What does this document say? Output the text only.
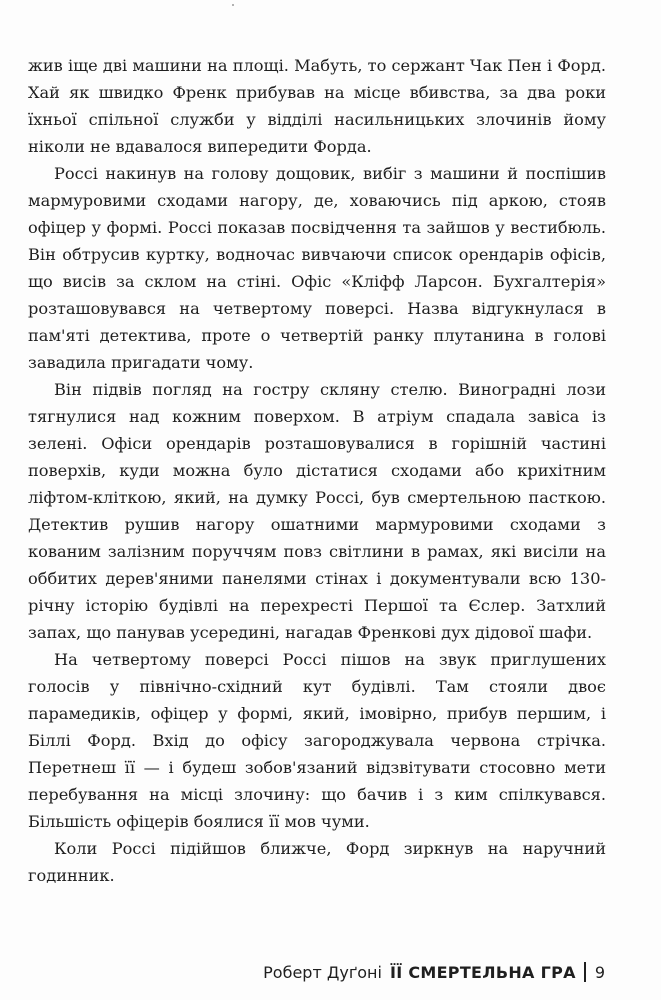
жив іще дві машини на площі. Мабуть, то сержант Чак Пен і Форд. Хай як швидко Френк прибував на місце вбивства, за два роки їхньої спільної служби у відділі насильницьких злочинів йому ніколи не вдавалося випередити Форда.

Россі накинув на голову дощовик, вибіг з машини й поспішив мармуровими сходами нагору, де, ховаючись під аркою, стояв офіцер у формі. Россі показав посвідчення та зайшов у вестибюль. Він обтрусив куртку, водночас вивчаючи список орендарів офісів, що висів за склом на стіні. Офіс «Кліфф Ларсон. Бухгалтерія» розташовувався на четвертому поверсі. Назва відгукнулася в пам'яті детектива, проте о четвертій ранку плутанина в голові завадила пригадати чому.

Він підвів погляд на гостру скляну стелю. Виноградні лози тягнулися над кожним поверхом. В атріум спадала завіса із зелені. Офіси орендарів розташовувалися в горішній частині поверхів, куди можна було дістатися сходами або крихітним ліфтом-кліткою, який, на думку Россі, був смертельною пасткою. Детектив рушив нагору ошатними мармуровими сходами з кованим залізним поруччям повз світлини в рамах, які висіли на оббитих дерев'яними панелями стінах і документували всю 130-річну історію будівлі на перехресті Першої та Єслер. Затхлий запах, що панував усередині, нагадав Френкові дух дідової шафи.

На четвертому поверсі Россі пішов на звук приглушених голосів у північно-східний кут будівлі. Там стояли двоє парамедиків, офіцер у формі, який, імовірно, прибув першим, і Біллі Форд. Вхід до офісу загороджувала червона стрічка. Перетнеш її — і будеш зобов'язаний відзвітувати стосовно мети перебування на місці злочину: що бачив і з ким спілкувався. Більшість офіцерів боялися її мов чуми.

Коли Россі підійшов ближче, Форд зиркнув на наручний годинник.

Роберт Дуґоні ЇЇ СМЕРТЕЛЬНА ГРА 9
